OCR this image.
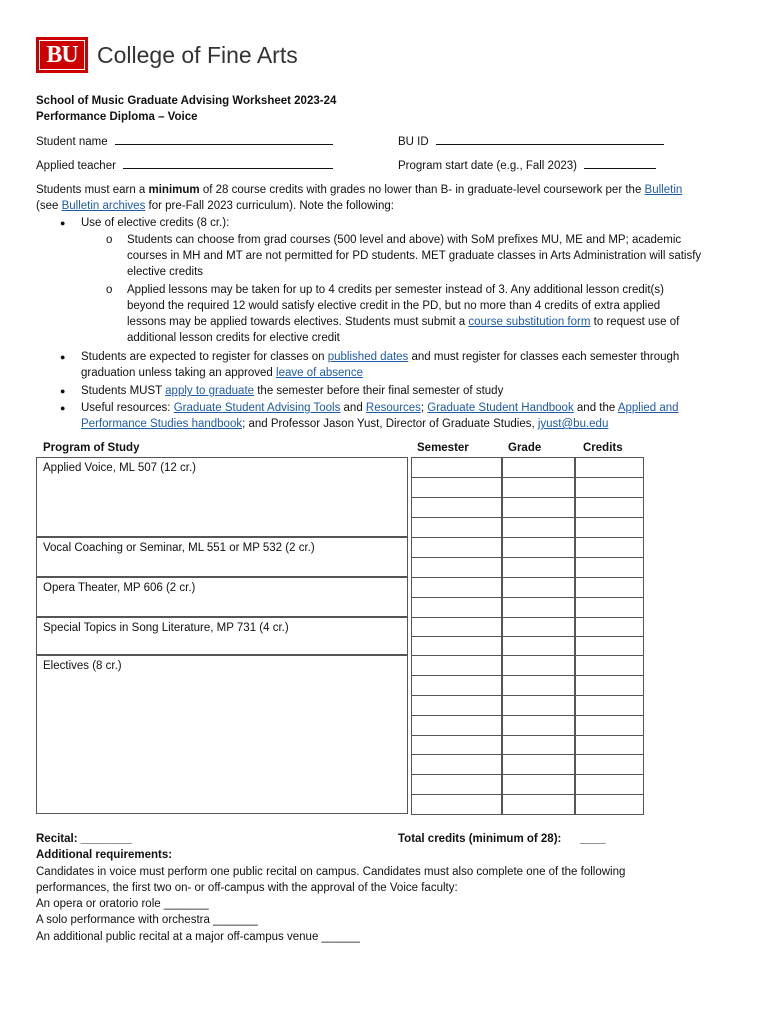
BU College of Fine Arts
School of Music Graduate Advising Worksheet 2023-24
Performance Diploma – Voice
Student name	BU ID
Applied teacher	Program start date (e.g., Fall 2023)
Students must earn a minimum of 28 course credits with grades no lower than B- in graduate-level coursework per the Bulletin
(see Bulletin archives for pre-Fall 2023 curriculum). Note the following:
● Use of elective credits (8 cr.):
o Students can choose from grad courses (500 level and above) with SoM prefixes MU, ME and MP; academic
courses in MH and MT are not permitted for PD students. MET graduate classes in Arts Administration will satisfy
elective credits
o Applied lessons may be taken for up to 4 credits per semester instead of 3. Any additional lesson credit(s)
beyond the required 12 would satisfy elective credit in the PD, but no more than 4 credits of extra applied
lessons may be applied towards electives. Students must submit a course substitution form to request use of
additional lesson credits for elective credit
● Students are expected to register for classes on published dates and must register for classes each semester through
graduation unless taking an approved leave of absence
● Students MUST apply to graduate the semester before their final semester of study
● Useful resources: Graduate Student Advising Tools and Resources; Graduate Student Handbook and the Applied and
Performance Studies handbook; and Professor Jason Yust, Director of Graduate Studies, jyust@bu.edu
Program of Study	Semester	Grade	Credits
Applied Voice, ML 507 (12 cr.)
Vocal Coaching or Seminar, ML 551 or MP 532 (2 cr.)
Opera Theater, MP 606 (2 cr.)
Special Topics in Song Literature, MP 731 (4 cr.)
Electives (8 cr.)
Recital: ________	Total credits (minimum of 28): ____
Additional requirements:
Candidates in voice must perform one public recital on campus. Candidates must also complete one of the following
performances, the first two on- or off-campus with the approval of the Voice faculty:
An opera or oratorio role _______
A solo performance with orchestra _______
An additional public recital at a major off-campus venue ______
